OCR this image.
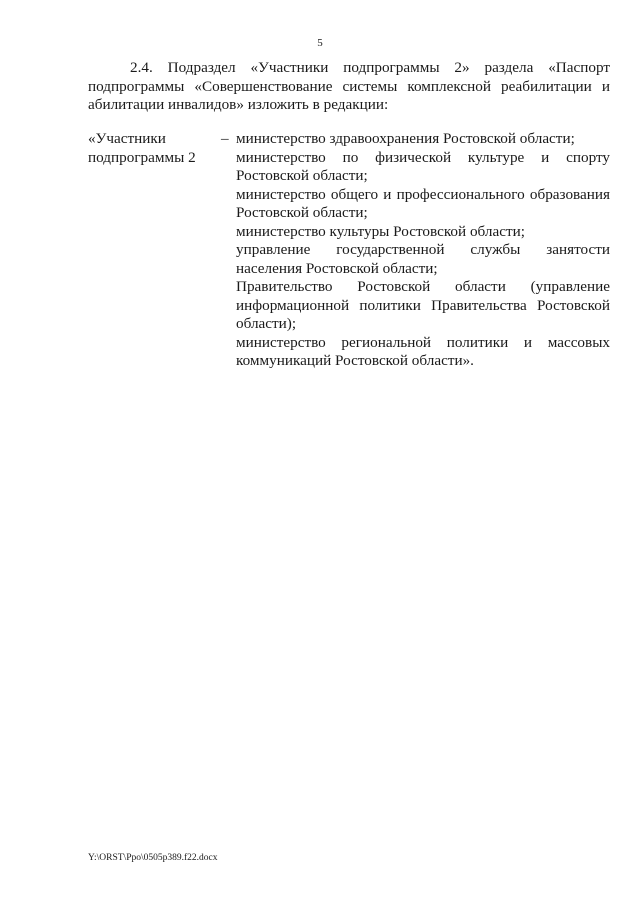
5

2.4. Подраздел «Участники подпрограммы 2» раздела «Паспорт подпрограммы «Совершенствование системы комплексной реабилитации и абилитации инвалидов» изложить в редакции:

«Участники
подпрограммы 2
– министерство здравоохранения Ростовской области;
министерство по физической культуре и спорту Ростовской области;
министерство общего и профессионального образования Ростовской области;
министерство культуры Ростовской области;
управление государственной службы занятости населения Ростовской области;
Правительство Ростовской области (управление информационной политики Правительства Ростовской области);
министерство региональной политики и массовых коммуникаций Ростовской области».
Y:\ORST\Ppo\0505p389.f22.docx
